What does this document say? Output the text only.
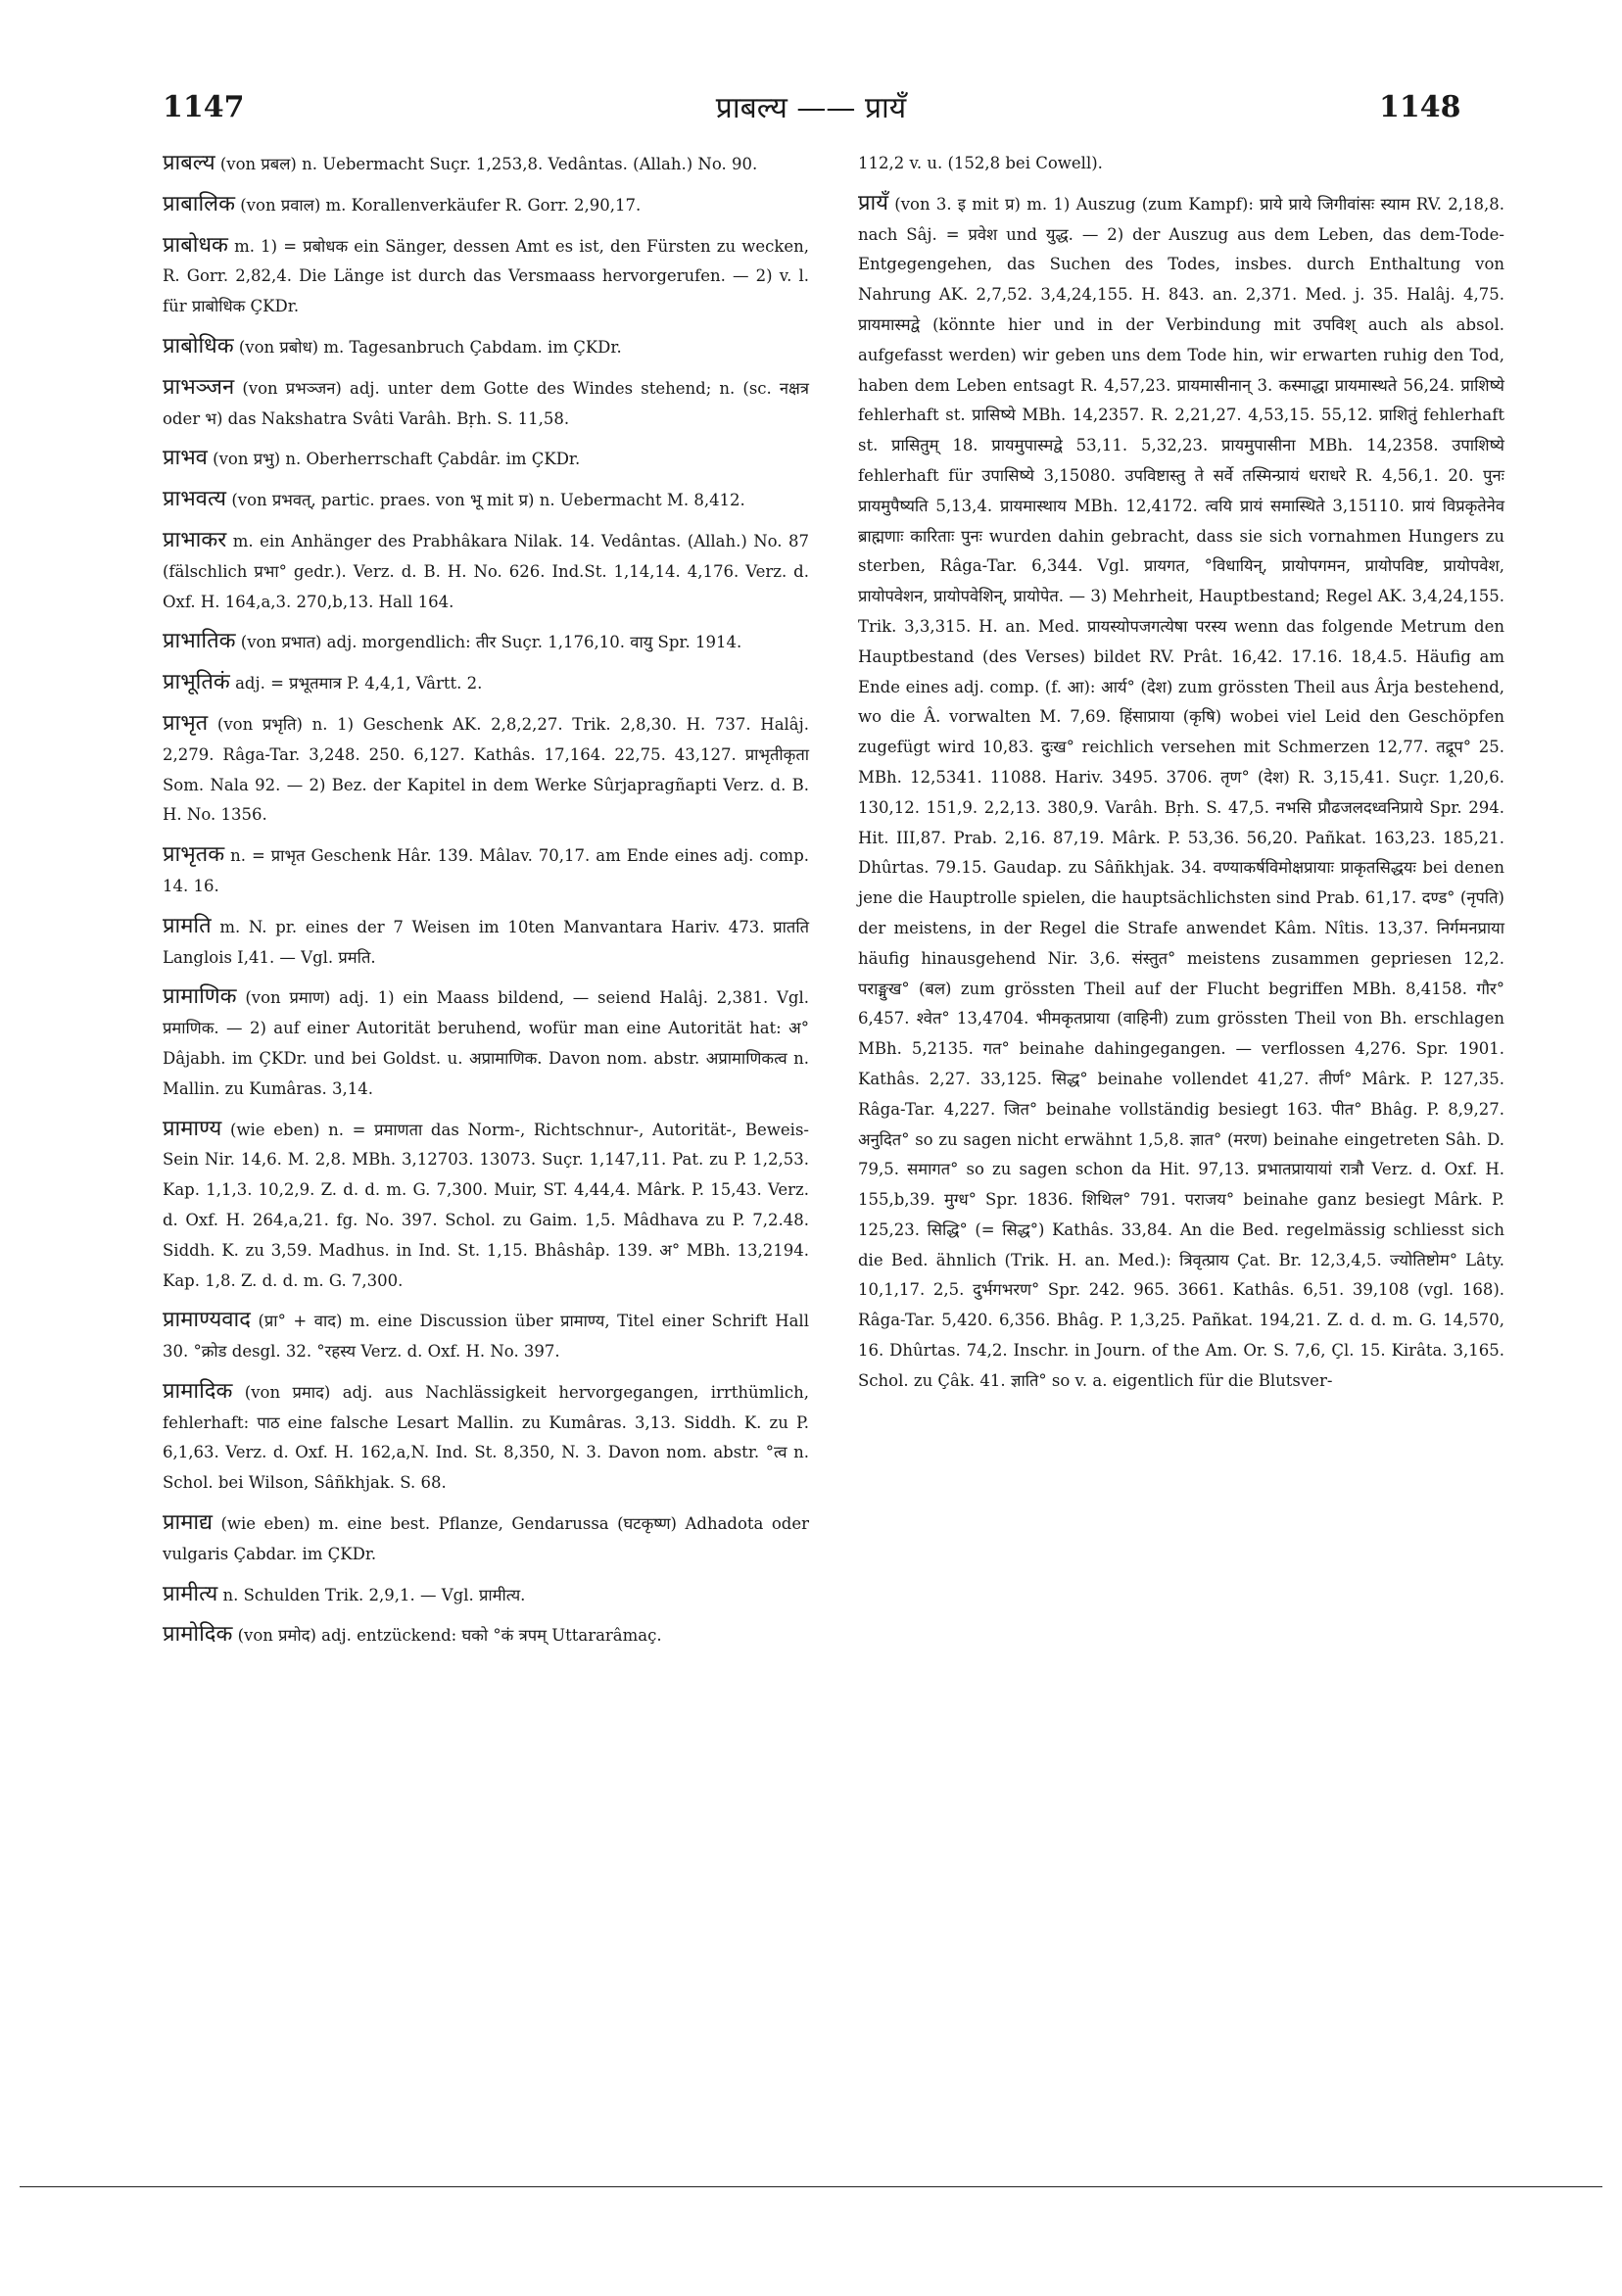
1147	प्राबल्य —— प्रायँ	1148

प्राबल्य (von प्रबल) n. Uebermacht Suçr. 1,253,8. Vedântas. (Allah.) No. 90.

प्राबालिक (von प्रवाल) m. Korallenverkäufer R. Gorr. 2,90,17.

प्राबोधक m. 1) = प्रबोधक ein Sänger, dessen Amt es ist, den Fürsten zu wecken, R. Gorr. 2,82,4. Die Länge ist durch das Versmaass hervorgerufen. — 2) v. l. für प्राबोधिक ÇKDr.

प्राबोधिक (von प्रबोध) m. Tagesanbruch Çabdam. im ÇKDr.

प्राभञ्जन (von प्रभञ्जन) adj. unter dem Gotte des Windes stehend; n. (sc. नक्षत्र oder भ) das Nakshatra Svâti Varâh. Bṛh. S. 11,58.

प्राभव (von प्रभु) n. Oberherrschaft Çabdâr. im ÇKDr.

प्राभवत्य (von प्रभवत्, partic. praes. von भू mit प्र) n. Uebermacht M. 8,412.

प्राभाकर m. ein Anhänger des Prabhâkara Nilak. 14. Vedântas. (Allah.) No. 87 (fälschlich प्रभा° gedr.). Verz. d. B. H. No. 626. Ind.St. 1,14,14. 4,176. Verz. d. Oxf. H. 164,a,3. 270,b,13. Hall 164.

प्राभातिक (von प्रभात) adj. morgendlich: तीर Suçr. 1,176,10. वायु Spr. 1914.

प्राभूतिकं adj. = प्रभूतमात्र P. 4,4,1, Vârtt. 2.

प्राभृत (von प्रभृति) n. 1) Geschenk AK. 2,8,2,27. Trik. 2,8,30. H. 737. Halâj. 2,279. Râga-Tar. 3,248. 250. 6,127. Kathâs. 17,164. 22,75. 43,127. प्राभृतीकृता Som. Nala 92. — 2) Bez. der Kapitel in dem Werke Sûrjapragñapti Verz. d. B. H. No. 1356.

प्राभृतक n. = प्राभृत Geschenk Hâr. 139. Mâlav. 70,17. am Ende eines adj. comp. 14. 16.

प्रामति m. N. pr. eines der 7 Weisen im 10ten Manvantara Hariv. 473. प्रातति Langlois I,41. — Vgl. प्रमति.

प्रामाणिक (von प्रमाण) adj. 1) ein Maass bildend, — seiend Halâj. 2,381. Vgl. प्रमाणिक. — 2) auf einer Autorität beruhend, wofür man eine Autorität hat: अ° Dâjabh. im ÇKDr. und bei Goldst. u. अप्रामाणिक. Davon nom. abstr. अप्रामाणिकत्व n. Mallin. zu Kumâras. 3,14.

प्रामाण्य (wie eben) n. = प्रमाणता das Norm-, Richtschnur-, Autorität-, Beweis-Sein Nir. 14,6. M. 2,8. MBh. 3,12703. 13073. Suçr. 1,147,11. Pat. zu P. 1,2,53. Kap. 1,1,3. 10,2,9. Z. d. d. m. G. 7,300. Muir, ST. 4,44,4. Mârk. P. 15,43. Verz. d. Oxf. H. 264,a,21. fg. No. 397. Schol. zu Gaim. 1,5. Mâdhava zu P. 7,2.48. Siddh. K. zu 3,59. Madhus. in Ind. St. 1,15. Bhâshâp. 139. अ° MBh. 13,2194. Kap. 1,8. Z. d. d. m. G. 7,300.

प्रामाण्यवाद (प्रा° + वाद) m. eine Discussion über प्रामाण्य, Titel einer Schrift Hall 30. °क्रोड desgl. 32. °रहस्य Verz. d. Oxf. H. No. 397.

प्रामादिक (von प्रमाद) adj. aus Nachlässigkeit hervorgegangen, irrthümlich, fehlerhaft: पाठ eine falsche Lesart Mallin. zu Kumâras. 3,13. Siddh. K. zu P. 6,1,63. Verz. d. Oxf. H. 162,a,N. Ind. St. 8,350, N. 3. Davon nom. abstr. °त्व n. Schol. bei Wilson, Sâñkhjak. S. 68.

प्रामाद्य (wie eben) m. eine best. Pflanze, Gendarussa (घटकृष्ण) Adhadota oder vulgaris Çabdar. im ÇKDr.

प्रामीत्य n. Schulden Trik. 2,9,1. — Vgl. प्रामीत्य.

प्रामोदिक (von प्रमोद) adj. entzückend: घको °कं त्रपम् Uttararâmaç.

112,2 v. u. (152,8 bei Cowell).

प्रायँ (von 3. इ mit प्र) m. 1) Auszug (zum Kampf): प्राये प्राये जिगीवांसः स्याम RV. 2,18,8. nach Sâj. = प्रवेश und युद्ध. — 2) der Auszug aus dem Leben, das dem-Tode-Entgegengehen, das Suchen des Todes, insbes. durch Enthaltung von Nahrung AK. 2,7,52. 3,4,24,155. H. 843. an. 2,371. Med. j. 35. Halâj. 4,75. प्रायमास्मद्वे (könnte hier und in der Verbindung mit उपविश् auch als absol. aufgefasst werden) wir geben uns dem Tode hin, wir erwarten ruhig den Tod, haben dem Leben entsagt R. 4,57,23. प्रायमासीनान् 3. कस्माद्धा प्रायमास्थते 56,24. प्राशिष्ये fehlerhaft st. प्रासिष्ये MBh. 14,2357. R. 2,21,27. 4,53,15. 55,12. प्राशितुं fehlerhaft st. प्रासितुम् 18. प्रायमुपास्मद्वे 53,11. 5,32,23. प्रायमुपासीना MBh. 14,2358. उपाशिष्ये fehlerhaft für उपासिष्ये 3,15080. उपविष्टास्तु ते सर्वे तस्मिन्प्रायं धराधरे R. 4,56,1. 20. पुनः प्रायमुपैष्यति 5,13,4. प्रायमास्थाय MBh. 12,4172. त्वयि प्रायं समास्थिते 3,15110. प्रायं विप्रकृतेनेव ब्राह्मणाः कारिताः पुनः wurden dahin gebracht, dass sie sich vornahmen Hungers zu sterben, Râga-Tar. 6,344. Vgl. प्रायगत, °विधायिन्, प्रायोपगमन, प्रायोपविष्ट, प्रायोपवेश, प्रायोपवेशन, प्रायोपवेशिन्, प्रायोपेत. — 3) Mehrheit, Hauptbestand; Regel AK. 3,4,24,155. Trik. 3,3,315. H. an. Med. प्रायस्योपजगत्येषा परस्य wenn das folgende Metrum den Hauptbestand (des Verses) bildet RV. Prât. 16,42. 17.16. 18,4.5. Häufig am Ende eines adj. comp. (f. आ): आर्य° (देश) zum grössten Theil aus Ârja bestehend, wo die Â. vorwalten M. 7,69. हिंसाप्राया (कृषि) wobei viel Leid den Geschöpfen zugefügt wird 10,83. दुःख° reichlich versehen mit Schmerzen 12,77. तद्रूप° 25. MBh. 12,5341. 11088. Hariv. 3495. 3706. तृण° (देश) R. 3,15,41. Suçr. 1,20,6. 130,12. 151,9. 2,2,13. 380,9. Varâh. Bṛh. S. 47,5. नभसि प्रौढजलदध्वनिप्राये Spr. 294. Hit. III,87. Prab. 2,16. 87,19. Mârk. P. 53,36. 56,20. Pañkat. 163,23. 185,21. Dhûrtas. 79.15. Gaudap. zu Sâñkhjak. 34. वण्याकर्षविमोक्षप्रायाः प्राकृतसिद्धयः bei denen jene die Hauptrolle spielen, die hauptsächlichsten sind Prab. 61,17. दण्ड° (नृपति) der meistens, in der Regel die Strafe anwendet Kâm. Nîtis. 13,37. निर्गमनप्राया häufig hinausgehend Nir. 3,6. संस्तुत° meistens zusammen gepriesen 12,2. पराङ्मुख° (बल) zum grössten Theil auf der Flucht begriffen MBh. 8,4158. गौर° 6,457. श्वेत° 13,4704. भीमकृतप्राया (वाहिनी) zum grössten Theil von Bh. erschlagen MBh. 5,2135. गत° beinahe dahingegangen. — verflossen 4,276. Spr. 1901. Kathâs. 2,27. 33,125. सिद्ध° beinahe vollendet 41,27. तीर्ण° Mârk. P. 127,35. Râga-Tar. 4,227. जित° beinahe vollständig besiegt 163. पीत° Bhâg. P. 8,9,27. अनुदित° so zu sagen nicht erwähnt 1,5,8. ज्ञात° (मरण) beinahe eingetreten Sâh. D. 79,5. समागत° so zu sagen schon da Hit. 97,13. प्रभातप्रायायां रात्रौ Verz. d. Oxf. H. 155,b,39. मुग्ध° Spr. 1836. शिथिल° 791. पराजय° beinahe ganz besiegt Mârk. P. 125,23. सिद्धि° (= सिद्ध°) Kathâs. 33,84. An die Bed. regelmässig schliesst sich die Bed. ähnlich (Trik. H. an. Med.): त्रिवृत्प्राय Çat. Br. 12,3,4,5. ज्योतिष्टोम° Lâty. 10,1,17. 2,5. दुर्भगभरण° Spr. 242. 965. 3661. Kathâs. 6,51. 39,108 (vgl. 168). Râga-Tar. 5,420. 6,356. Bhâg. P. 1,3,25. Pañkat. 194,21. Z. d. d. m. G. 14,570, 16. Dhûrtas. 74,2. Inschr. in Journ. of the Am. Or. S. 7,6, Çl. 15. Kirâta. 3,165. Schol. zu Çâk. 41. ज्ञाति° so v. a. eigentlich für die Blutsver-
